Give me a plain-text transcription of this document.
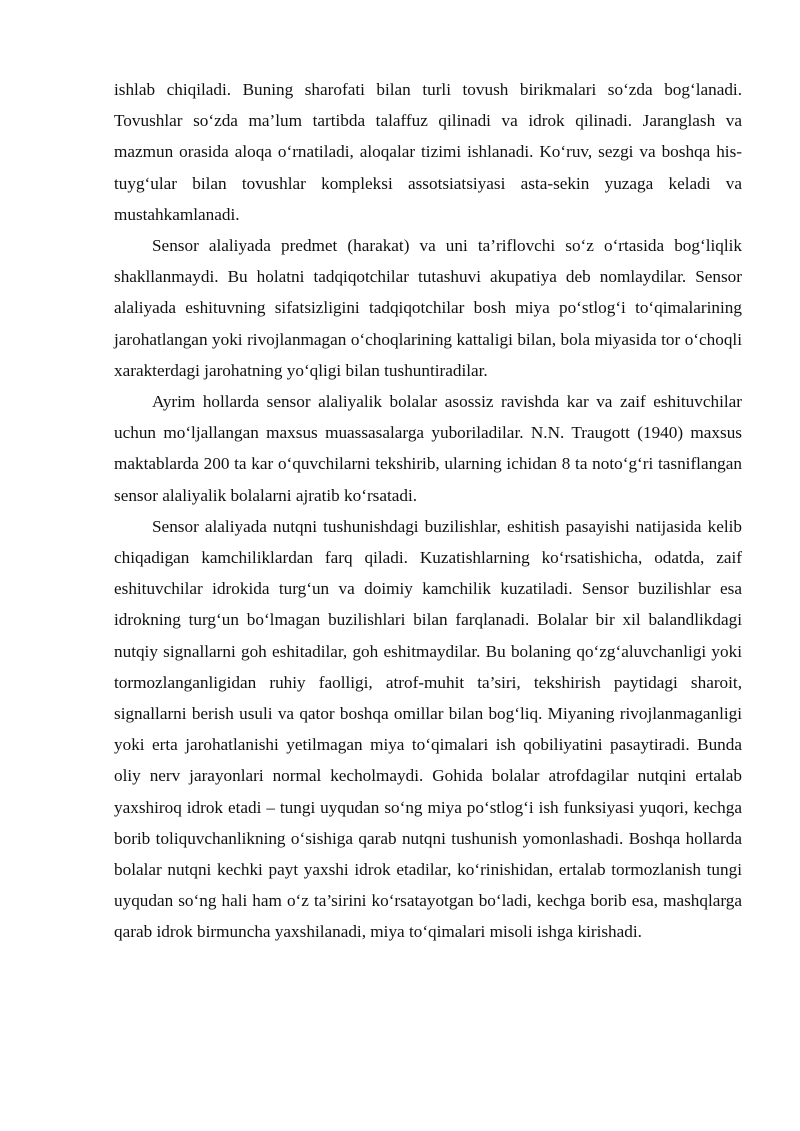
ishlab chiqiladi. Buning sharofati bilan turli tovush birikmalari so‘zda bog‘lanadi. Tovushlar so‘zda ma’lum tartibda talaffuz qilinadi va idrok qilinadi. Jaranglash va mazmun orasida aloqa o‘rnatiladi, aloqalar tizimi ishlanadi. Ko‘ruv, sezgi va boshqa his-tuyg‘ular bilan tovushlar kompleksi assotsiatsiyasi asta-sekin yuzaga keladi va mustahkamlanadi.

Sensor alaliyada predmet (harakat) va uni ta’riflovchi so‘z o‘rtasida bog‘liqlik shakllanmaydi. Bu holatni tadqiqotchilar tutashuvi akupatiya deb nomlaydilar. Sensor alaliyada eshituvning sifatsizligini tadqiqotchilar bosh miya po‘stlog‘i to‘qimalarining jarohatlangan yoki rivojlanmagan o‘choqlarining kattaligi bilan, bola miyasida tor o‘choqli xarakterdagi jarohatning yo‘qligi bilan tushuntiradilar.

Ayrim hollarda sensor alaliyalik bolalar asossiz ravishda kar va zaif eshituvchilar uchun mo‘ljallangan maxsus muassasalarga yuboriladilar. N.N. Traugott (1940) maxsus maktablarda 200 ta kar o‘quvchilarni tekshirib, ularning ichidan 8 ta noto‘g‘ri tasniflangan sensor alaliyalik bolalarni ajratib ko‘rsatadi.

Sensor alaliyada nutqni tushunishdagi buzilishlar, eshitish pasayishi natijasida kelib chiqadigan kamchiliklardan farq qiladi. Kuzatishlarning ko‘rsatishicha, odatda, zaif eshituvchilar idrokida turg‘un va doimiy kamchilik kuzatiladi. Sensor buzilishlar esa idrokning turg‘un bo‘lmagan buzilishlari bilan farqlanadi. Bolalar bir xil balandlikdagi nutqiy signallarni goh eshitadilar, goh eshitmaydilar. Bu bolaning qo‘zg‘aluvchanligi yoki tormozlanganligidan ruhiy faolligi, atrof-muhit ta’siri, tekshirish paytidagi sharoit, signallarni berish usuli va qator boshqa omillar bilan bog‘liq. Miyaning rivojlanmaganligi yoki erta jarohatlanishi yetilmagan miya to‘qimalari ish qobiliyatini pasaytiradi. Bunda oliy nerv jarayonlari normal kecholmaydi. Gohida bolalar atrofdagilar nutqini ertalab yaxshiroq idrok etadi – tungi uyqudan so‘ng miya po‘stlog‘i ish funksiyasi yuqori, kechga borib toliquvchanlikning o‘sishiga qarab nutqni tushunish yomonlashadi. Boshqa hollarda bolalar nutqni kechki payt yaxshi idrok etadilar, ko‘rinishidan, ertalab tormozlanish tungi uyqudan so‘ng hali ham o‘z ta’sirini ko‘rsatayotgan bo‘ladi, kechga borib esa, mashqlarga qarab idrok birmuncha yaxshilanadi, miya to‘qimalari misoli ishga kirishadi.
